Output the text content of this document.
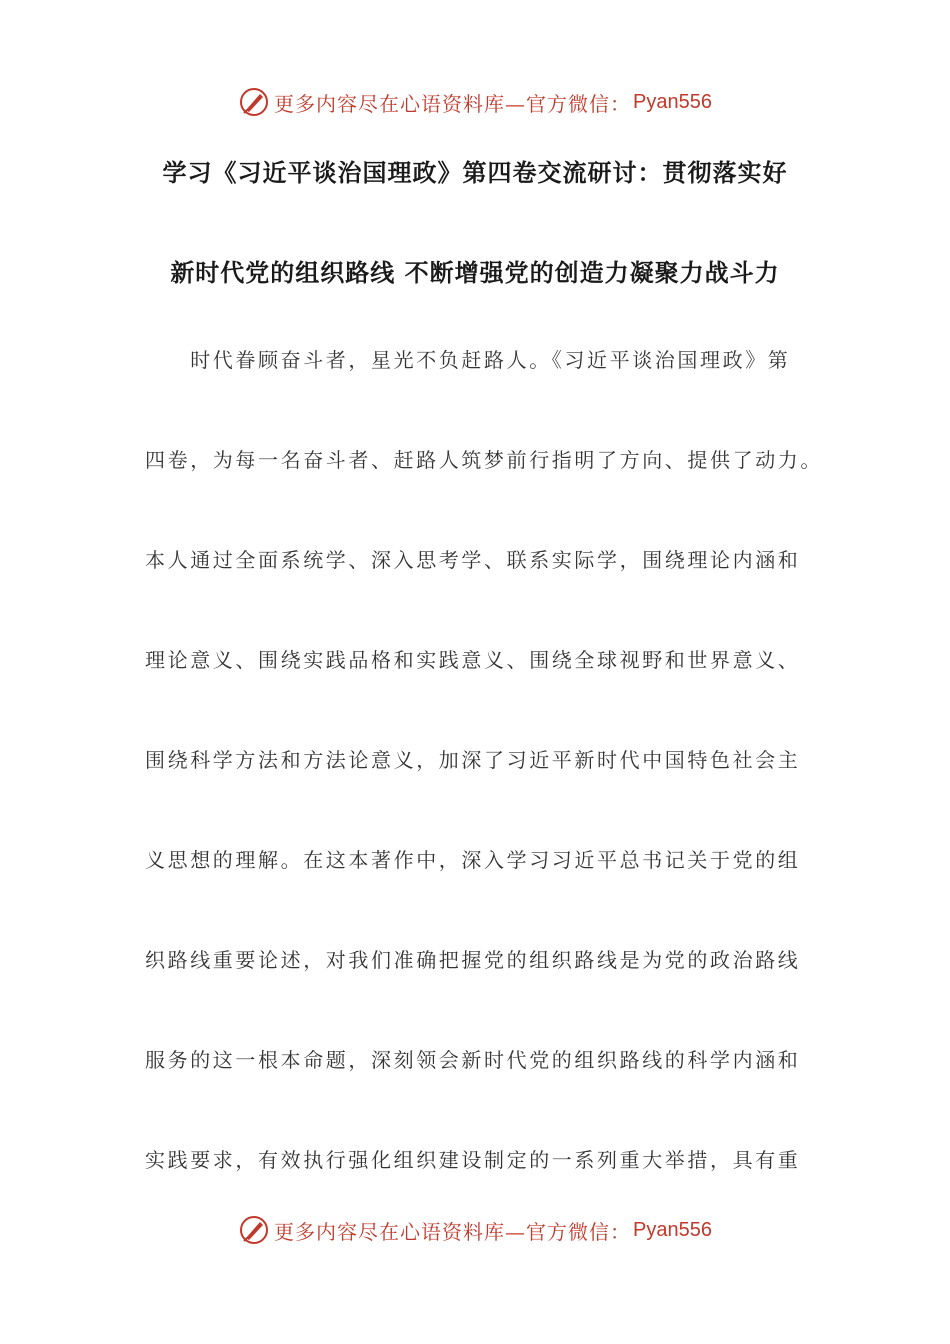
更多内容尽在心语资料库—官方微信： Pyan556
学习《习近平谈治国理政》第四卷交流研讨：贯彻落实好
新时代党的组织路线 不断增强党的创造力凝聚力战斗力
　　时代眷顾奋斗者，星光不负赶路人。《习近平谈治国理政》第
四卷，为每一名奋斗者、赶路人筑梦前行指明了方向、提供了动力。
本人通过全面系统学、深入思考学、联系实际学，围绕理论内涵和
理论意义、围绕实践品格和实践意义、围绕全球视野和世界意义、
围绕科学方法和方法论意义，加深了习近平新时代中国特色社会主
义思想的理解。在这本著作中，深入学习习近平总书记关于党的组
织路线重要论述，对我们准确把握党的组织路线是为党的政治路线
服务的这一根本命题，深刻领会新时代党的组织路线的科学内涵和
实践要求，有效执行强化组织建设制定的一系列重大举措，具有重
更多内容尽在心语资料库—官方微信： Pyan556
